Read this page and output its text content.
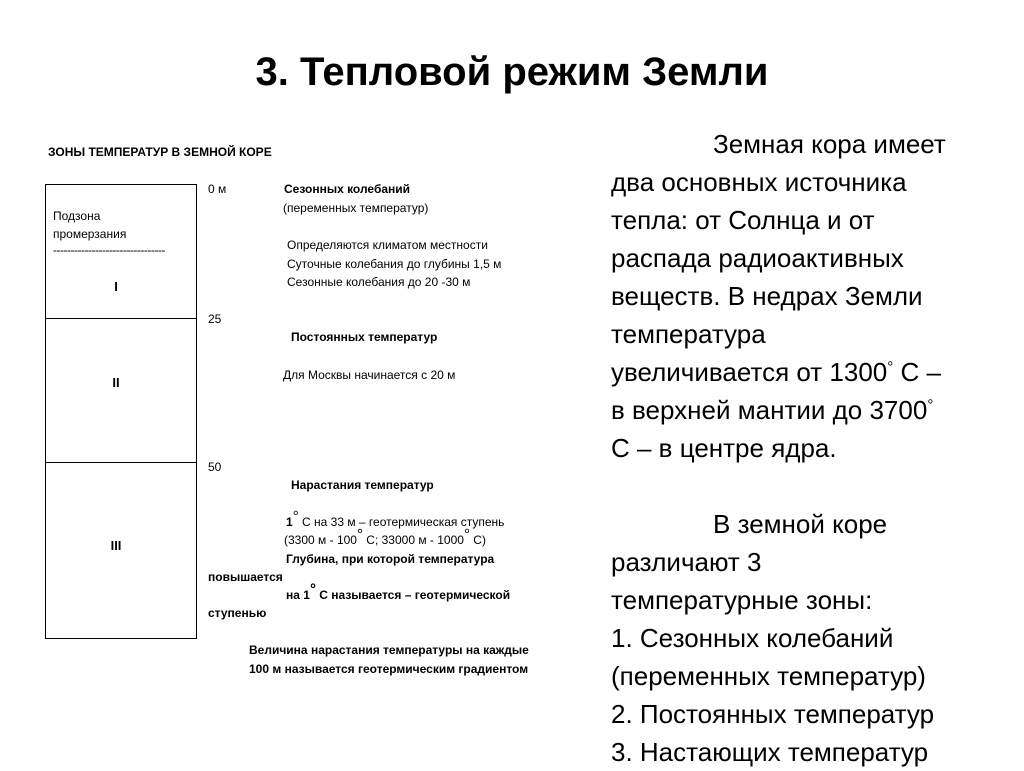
3. Тепловой режим Земли
ЗОНЫ ТЕМПЕРАТУР В ЗЕМНОЙ КОРЕ
Подзона
промерзания
--------------------------------
I
II
III
0 м
25
50
Сезонных колебаний
(переменных температур)
Определяются климатом местности
Суточные колебания до глубины 1,5 м
Сезонные колебания до 20 -30 м
Постоянных температур
Для Москвы начинается с 20 м
Нарастания температур
1° С на 33 м – геотермическая ступень
(3300 м - 100° С; 33000 м - 1000° С)
Глубина, при которой температура
повышается
на 1° С называется – геотермической
ступенью
Величина нарастания температуры на каждые
100 м называется геотермическим градиентом

Земная кора имеет

два основных источника

тепла: от Солнца и от

распада радиоактивных

веществ. В недрах Земли

температура

увеличивается от 1300° С –

в верхней мантии до 3700°

С – в центре ядра.

В земной коре

различают 3

температурные зоны:

1. Сезонных колебаний

(переменных температур)

2. Постоянных температур

3. Настающих температур
